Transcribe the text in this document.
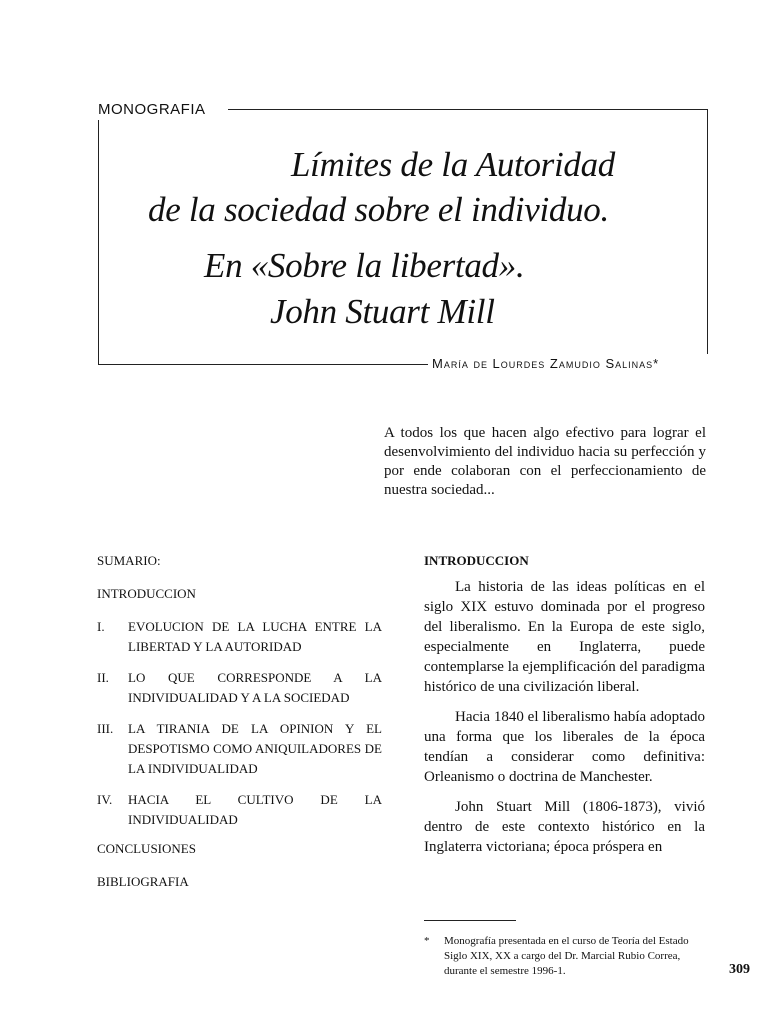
MONOGRAFIA
Límites de la Autoridad
de la sociedad sobre el individuo.
En «Sobre la libertad».
John Stuart Mill
María de Lourdes Zamudio Salinas*
A todos los que hacen algo efectivo para lograr el desenvolvimiento del individuo hacia su perfección y por ende colaboran con el perfeccionamiento de nuestra sociedad...
SUMARIO:
INTRODUCCION
I.	EVOLUCION DE LA LUCHA ENTRE LA LIBERTAD Y LA AUTORIDAD
II.	LO QUE CORRESPONDE A LA INDIVIDUALIDAD Y A LA SOCIEDAD
III.	LA TIRANIA DE LA OPINION Y EL DESPOTISMO COMO ANIQUILADORES DE LA INDIVIDUALIDAD
IV.	HACIA EL CULTIVO DE LA INDIVIDUALIDAD
CONCLUSIONES
BIBLIOGRAFIA
INTRODUCCION

La historia de las ideas políticas en el siglo XIX estuvo dominada por el progreso del liberalismo. En la Europa de este siglo, especialmente en Inglaterra, puede contemplarse la ejemplificación del paradigma histórico de una civilización liberal.

Hacia 1840 el liberalismo había adoptado una forma que los liberales de la época tendían a considerar como definitiva: Orleanismo o doctrina de Manchester.

John Stuart Mill (1806-1873), vivió dentro de este contexto histórico en la Inglaterra victoriana; época próspera en

*	Monografía presentada en el curso de Teoría del Estado Siglo XIX, XX a cargo del Dr. Marcial Rubio Correa, durante el semestre 1996-1.	309
